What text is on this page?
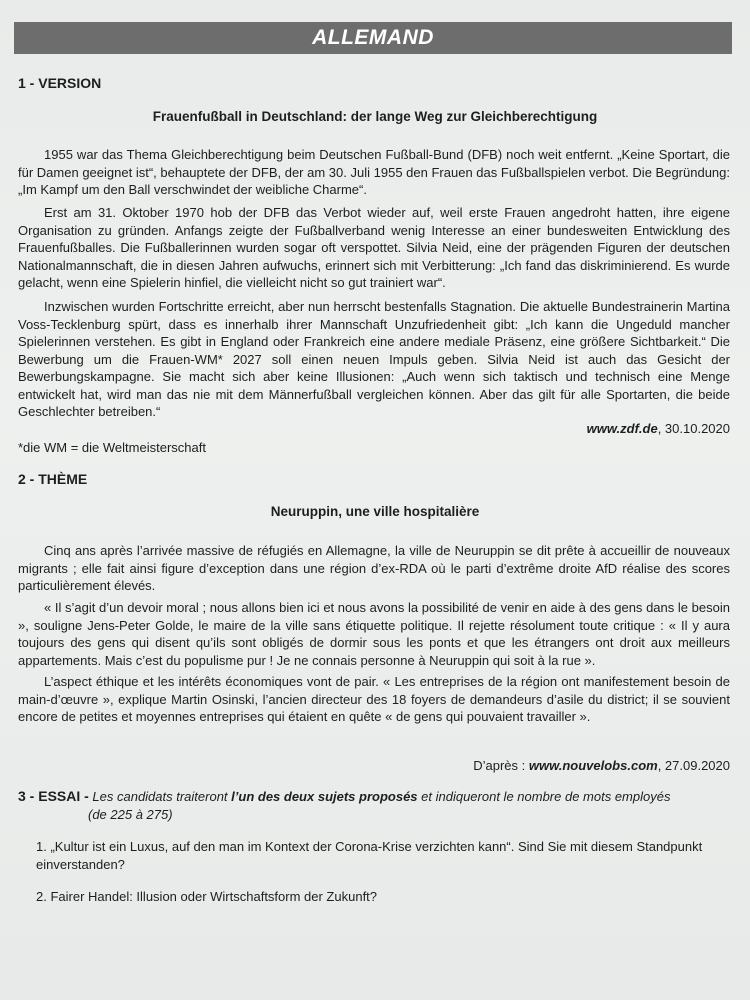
ALLEMAND

1 - VERSION

Frauenfußball in Deutschland: der lange Weg zur Gleichberechtigung

1955 war das Thema Gleichberechtigung beim Deutschen Fußball-Bund (DFB) noch weit entfernt. „Keine Sportart, die für Damen geeignet ist“, behauptete der DFB, der am 30. Juli 1955 den Frauen das Fußballspielen verbot. Die Begründung: „Im Kampf um den Ball verschwindet der weibliche Charme“.

Erst am 31. Oktober 1970 hob der DFB das Verbot wieder auf, weil erste Frauen angedroht hatten, ihre eigene Organisation zu gründen. Anfangs zeigte der Fußballverband wenig Interesse an einer bundesweiten Entwicklung des Frauenfußballes. Die Fußballerinnen wurden sogar oft verspottet. Silvia Neid, eine der prägenden Figuren der deutschen Nationalmannschaft, die in diesen Jahren aufwuchs, erinnert sich mit Verbitterung: „Ich fand das diskriminierend. Es wurde gelacht, wenn eine Spielerin hinfiel, die vielleicht nicht so gut trainiert war“.

Inzwischen wurden Fortschritte erreicht, aber nun herrscht bestenfalls Stagnation. Die aktuelle Bundestrainerin Martina Voss-Tecklenburg spürt, dass es innerhalb ihrer Mannschaft Unzufriedenheit gibt: „Ich kann die Ungeduld mancher Spielerinnen verstehen. Es gibt in England oder Frankreich eine andere mediale Präsenz, eine größere Sichtbarkeit.“ Die Bewerbung um die Frauen-WM* 2027 soll einen neuen Impuls geben. Silvia Neid ist auch das Gesicht der Bewerbungskampagne. Sie macht sich aber keine Illusionen: „Auch wenn sich taktisch und technisch eine Menge entwickelt hat, wird man das nie mit dem Männerfußball vergleichen können. Aber das gilt für alle Sportarten, die beide Geschlechter betreiben.“

www.zdf.de, 30.10.2020

*die WM = die Weltmeisterschaft

2 - THÈME

Neuruppin, une ville hospitalière

Cinq ans après l’arrivée massive de réfugiés en Allemagne, la ville de Neuruppin se dit prête à accueillir de nouveaux migrants ; elle fait ainsi figure d’exception dans une région d’ex-RDA où le parti d’extrême droite AfD réalise des scores particulièrement élevés.

« Il s’agit d’un devoir moral ; nous allons bien ici et nous avons la possibilité de venir en aide à des gens dans le besoin », souligne Jens-Peter Golde, le maire de la ville sans étiquette politique. Il rejette résolument toute critique : « Il y aura toujours des gens qui disent qu’ils sont obligés de dormir sous les ponts et que les étrangers ont droit aux meilleurs appartements. Mais c’est du populisme pur ! Je ne connais personne à Neuruppin qui soit à la rue ».

L’aspect éthique et les intérêts économiques vont de pair. « Les entreprises de la région ont manifestement besoin de main-d’œuvre », explique Martin Osinski, l’ancien directeur des 18 foyers de demandeurs d’asile du district; il se souvient encore de petites et moyennes entreprises qui étaient en quête « de gens qui pouvaient travailler ».

D’après : www.nouvelobs.com, 27.09.2020

3 - ESSAI - Les candidats traiteront l’un des deux sujets proposés et indiqueront le nombre de mots employés
(de 225 à 275)

1. „Kultur ist ein Luxus, auf den man im Kontext der Corona-Krise verzichten kann“. Sind Sie mit diesem Standpunkt einverstanden?

2. Fairer Handel: Illusion oder Wirtschaftsform der Zukunft?
